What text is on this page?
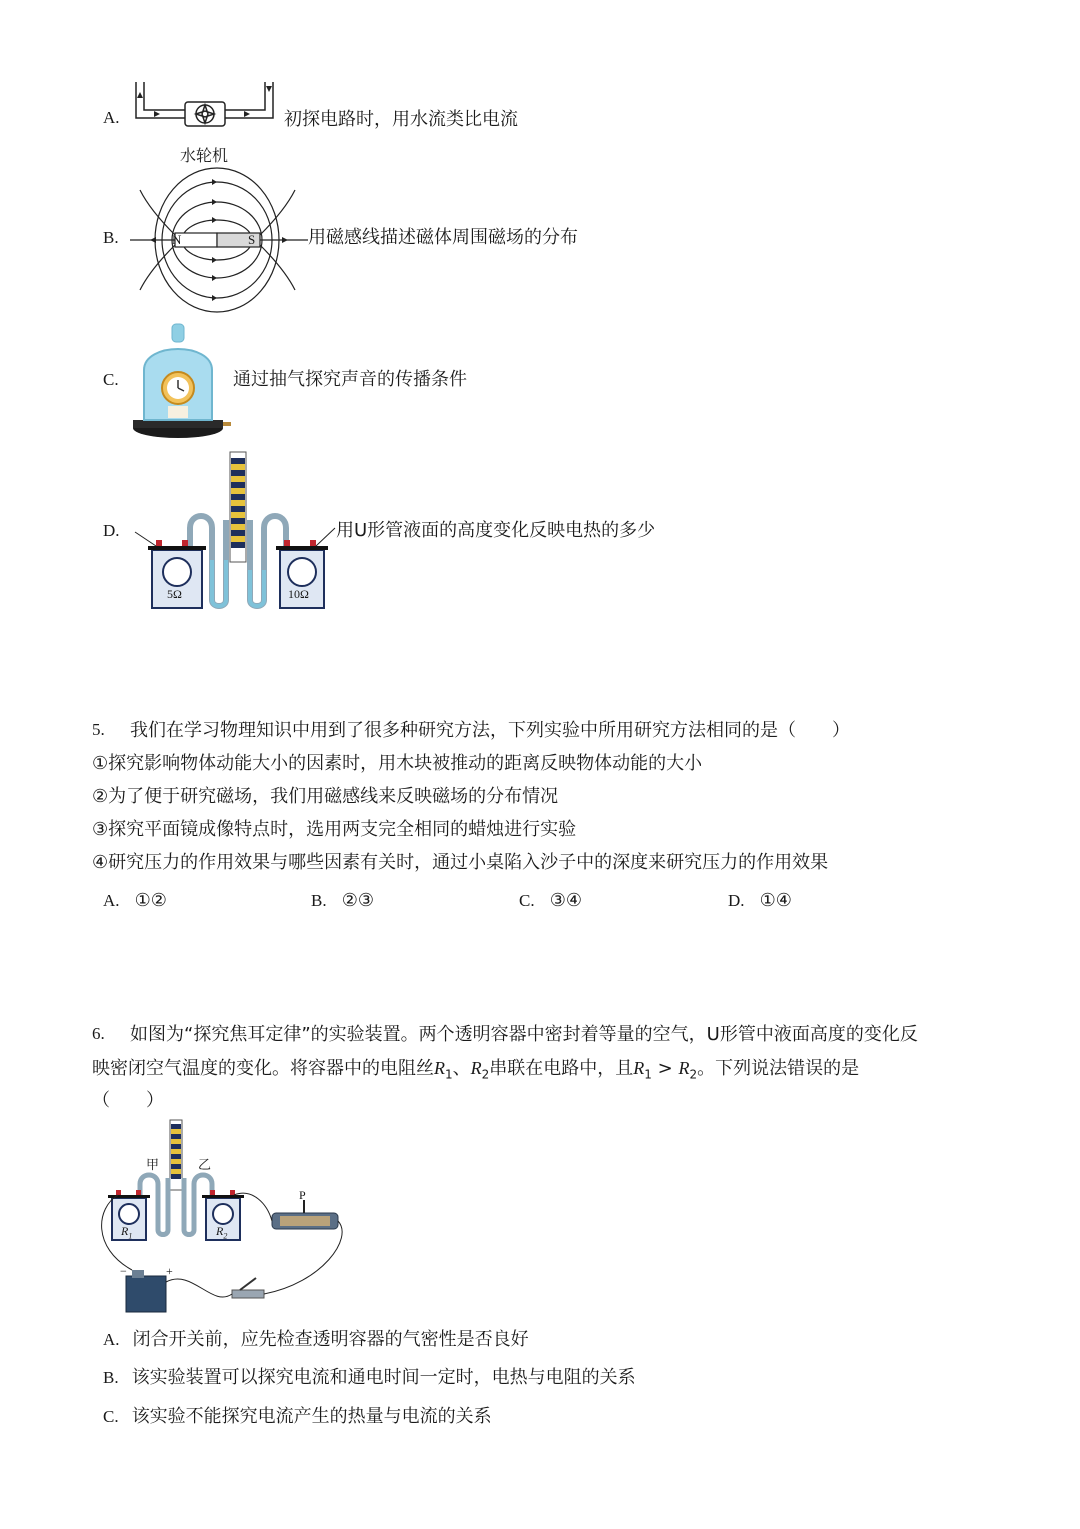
A.
水轮机
初探电路时，用水流类比电流
B.	N	S	用磁感线描述磁体周围磁场的分布
C.	通过抽气探究声音的传播条件
D.
5Ω	10Ω
用U形管液面的高度变化反映电热的多少
5. 我们在学习物理知识中用到了很多种研究方法，下列实验中所用研究方法相同的是（　　）
①探究影响物体动能大小的因素时，用木块被推动的距离反映物体动能的大小
②为了便于研究磁场，我们用磁感线来反映磁场的分布情况
③探究平面镜成像特点时，选用两支完全相同的蜡烛进行实验
④研究压力的作用效果与哪些因素有关时，通过小桌陷入沙子中的深度来研究压力的作用效果
A. ①②	B. ②③	C. ③④	D. ①④
6. 如图为“探究焦耳定律”的实验装置。两个透明容器中密封着等量的空气，U形管中液面高度的变化反
映密闭空气温度的变化。将容器中的电阻丝$R_1$、$R_2$串联在电路中，且$R_1 > R_2$。下列说法错误的是
（　　）
甲	乙
P
$R_1$	$R_2$
−	+
A. 闭合开关前，应先检查透明容器的气密性是否良好
B. 该实验装置可以探究电流和通电时间一定时，电热与电阻的关系
C. 该实验不能探究电流产生的热量与电流的关系
